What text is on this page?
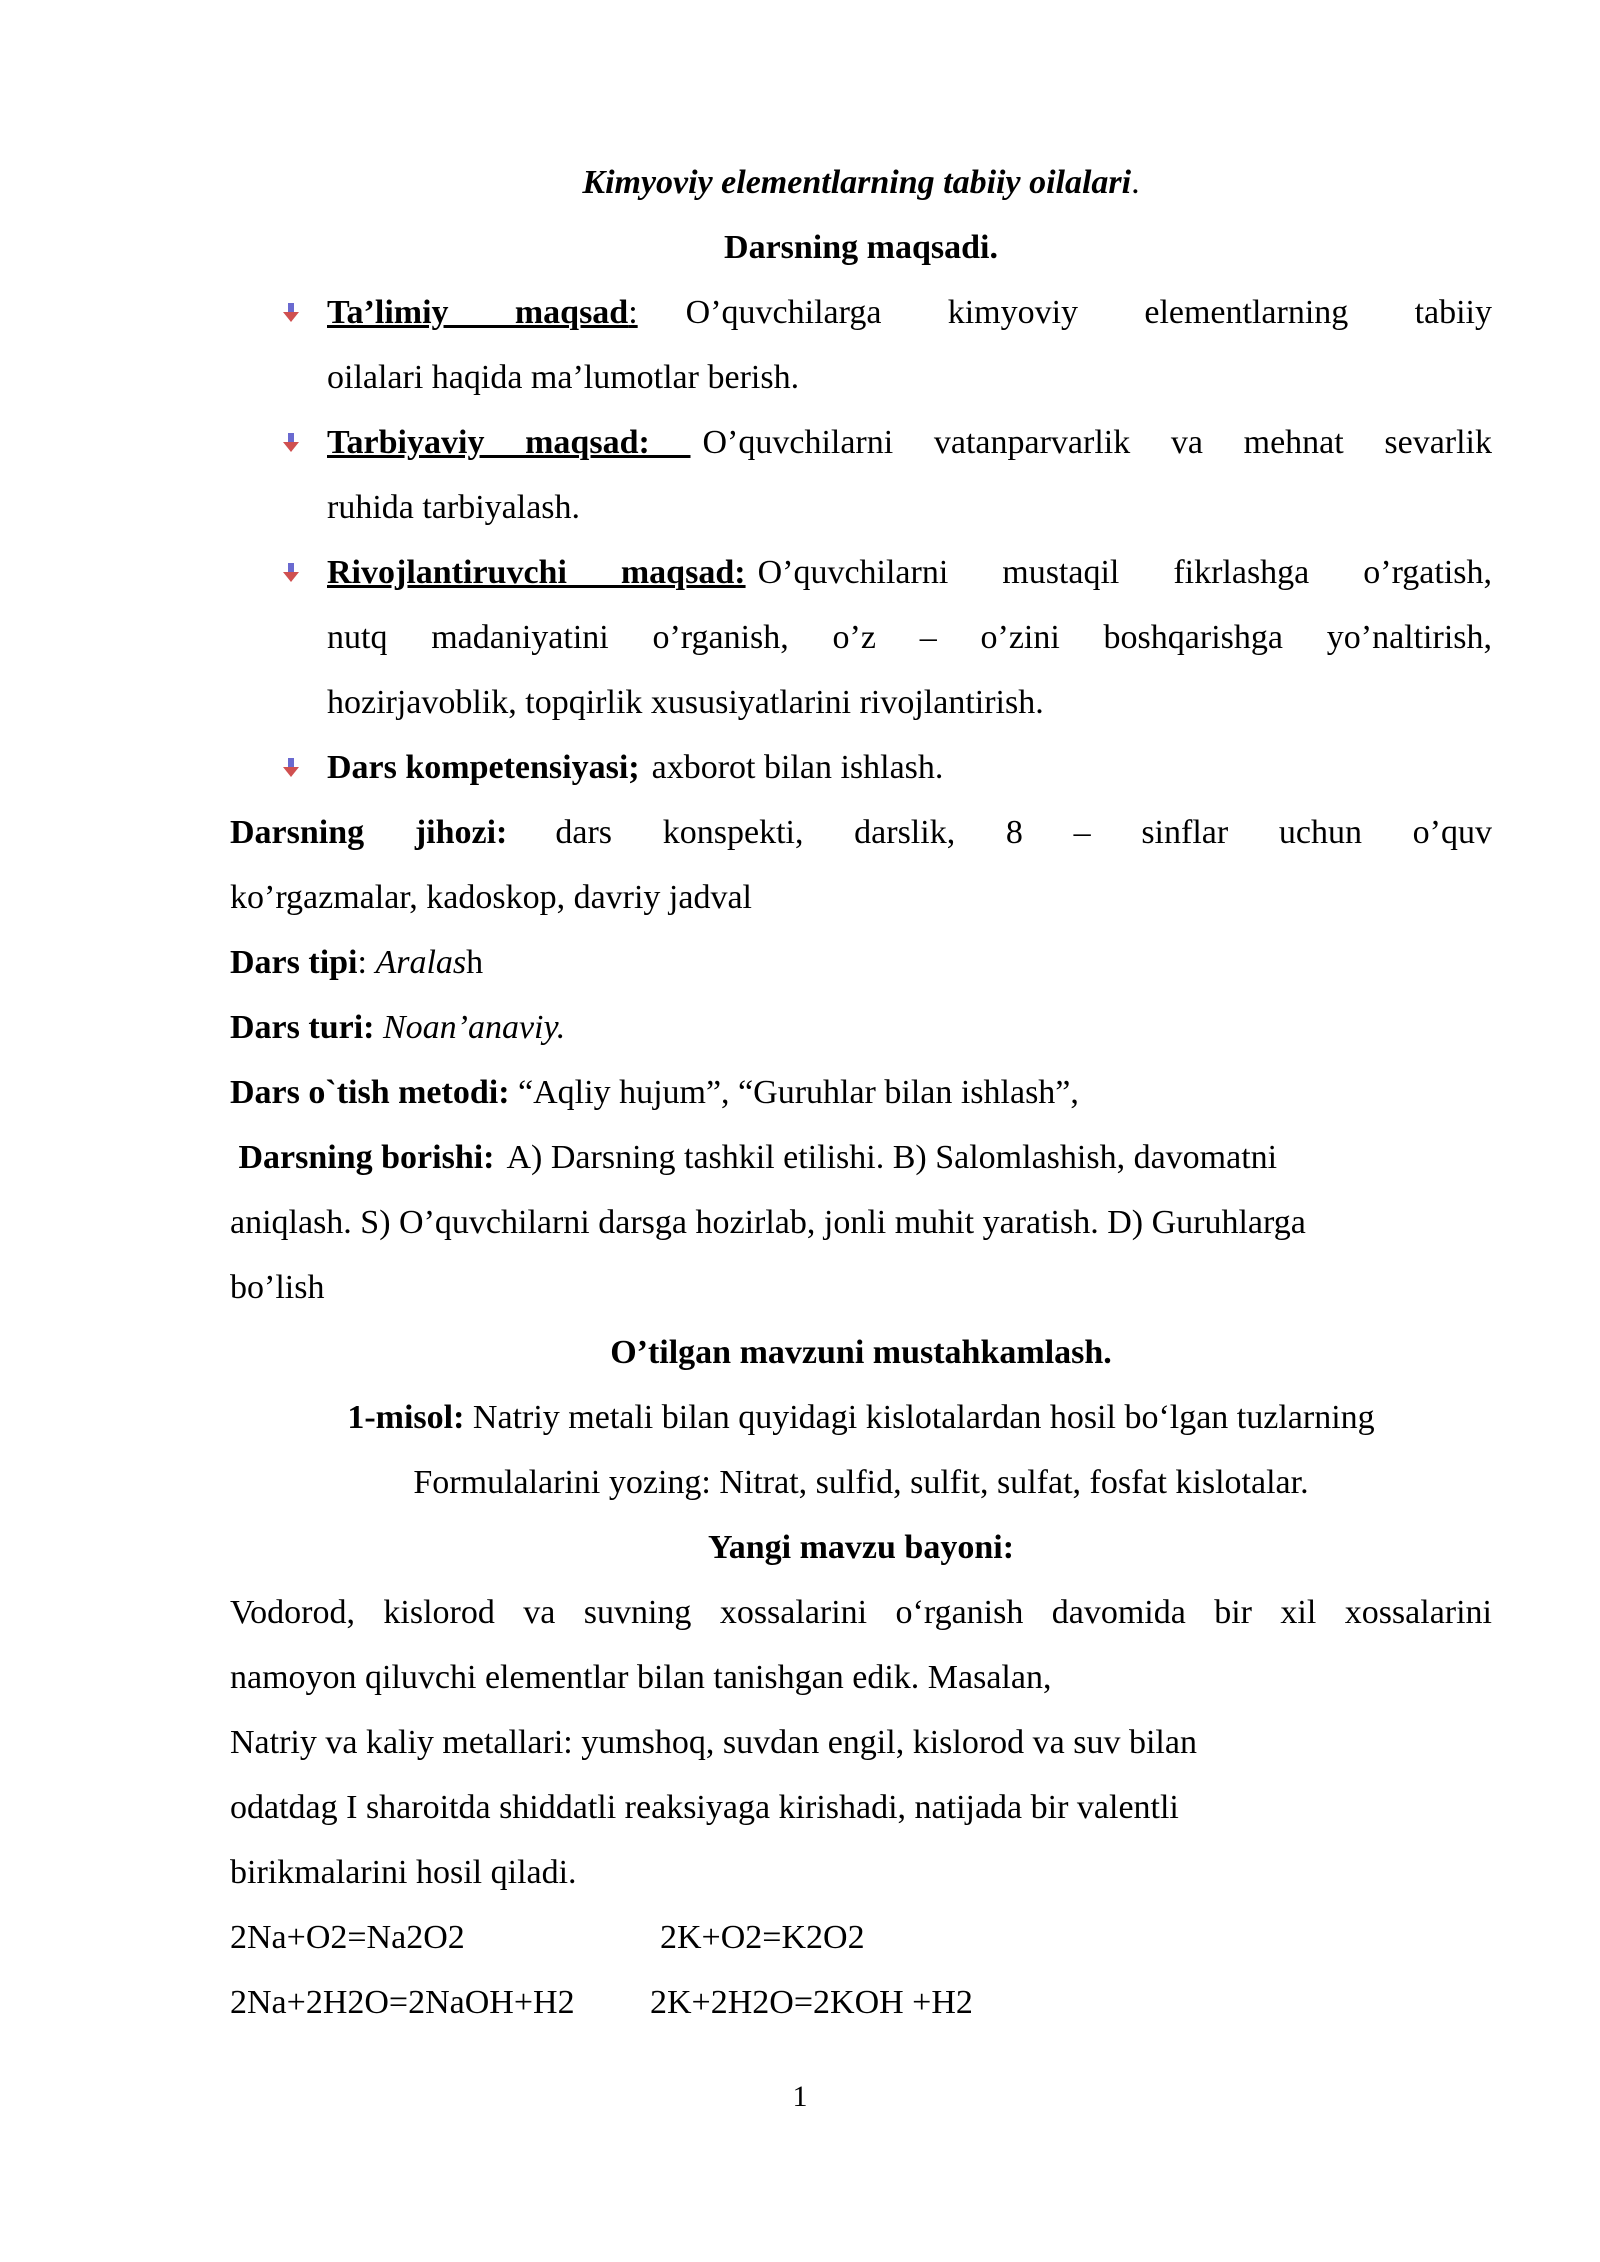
Kimyoviy elementlarning tabiiy oilalari.

Darsning maqsadi.

Ta’limiy maqsad: O’quvchilarga kimyoviy elementlarning tabiiy

oilalari haqida ma’lumotlar berish.

Tarbiyaviy maqsad: O’quvchilarni vatanparvarlik va mehnat sevarlik

ruhida tarbiyalash.

Rivojlantiruvchi maqsad: O’quvchilarni mustaqil fikrlashga o’rgatish,

nutq madaniyatini o’rganish, o’z – o’zini boshqarishga yo’naltirish,

hozirjavoblik, topqirlik xususiyatlarini rivojlantirish.

Dars kompetensiyasi; axborot bilan ishlash.

Darsning jihozi: dars konspekti, darslik, 8 – sinflar uchun o’quv

ko’rgazmalar, kadoskop, davriy jadval

Dars tipi: Aralash

Dars turi: Noan’anaviy.

Dars o`tish metodi: “Aqliy hujum”, “Guruhlar bilan ishlash”,

Darsning borishi: A) Darsning tashkil etilishi. B) Salomlashish, davomatni

aniqlash. S) O’quvchilarni darsga hozirlab, jonli muhit yaratish. D) Guruhlarga

bo’lish

O’tilgan mavzuni mustahkamlash.

1-misol: Natriy metali bilan quyidagi kislotalardan hosil bo‘lgan tuzlarning

Formulalarini yozing: Nitrat, sulfid, sulfit, sulfat, fosfat kislotalar.

Yangi mavzu bayoni:

Vodorod, kislorod va suvning xossalarini o‘rganish davomida bir xil xossalarini

namoyon qiluvchi elementlar bilan tanishgan edik. Masalan,

Natriy va kaliy metallari: yumshoq, suvdan engil, kislorod va suv bilan

odatdag I sharoitda shiddatli reaksiyaga kirishadi, natijada bir valentli

birikmalarini hosil qiladi.

2Na+O2=Na2O2	2K+O2=K2O2

2Na+2H2O=2NaOH+H2 2K+2H2O=2KOH +H2

1
